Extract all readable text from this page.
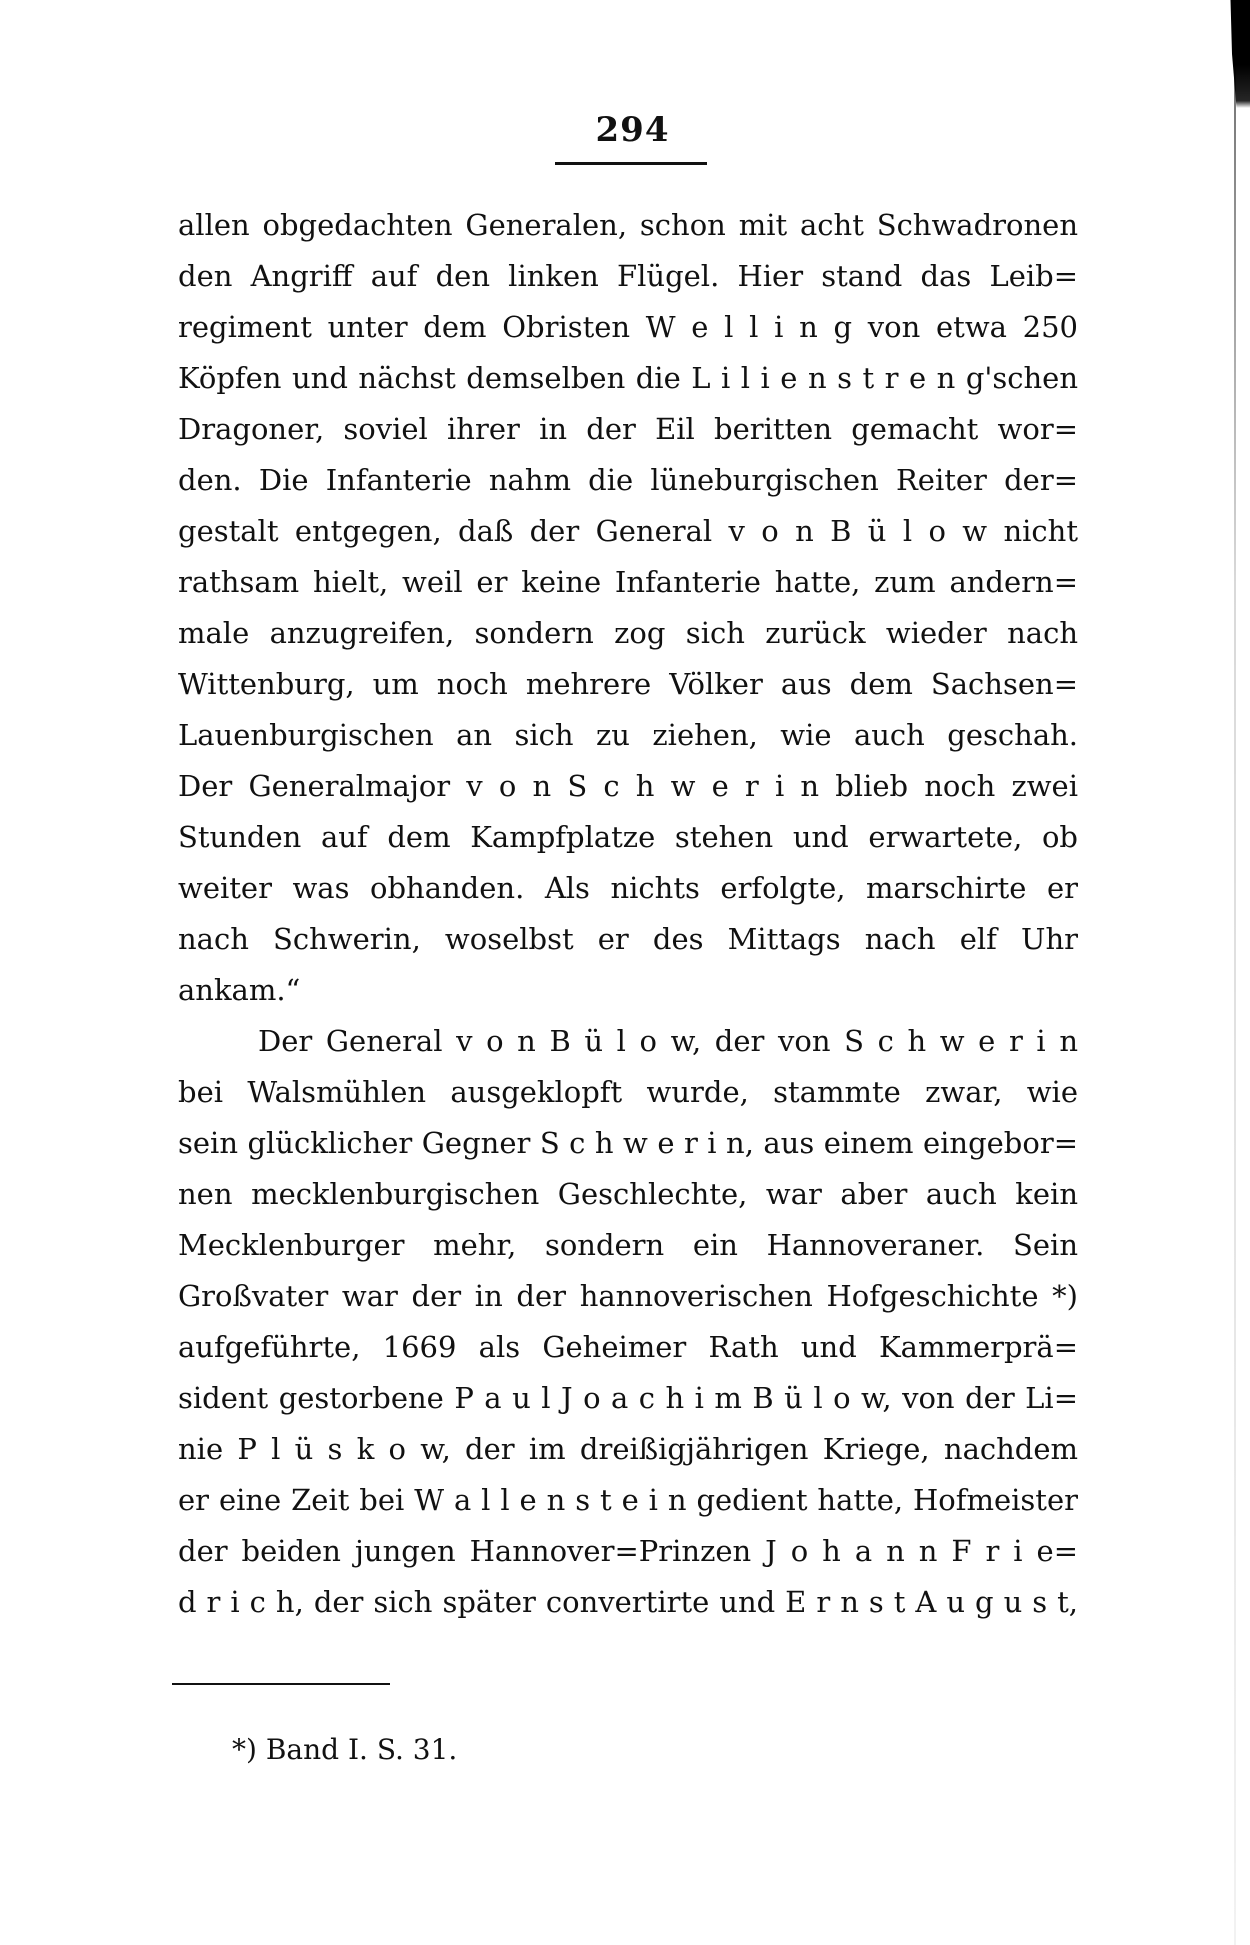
294
allen obgedachten Generalen, schon mit acht Schwadronen
den Angriff auf den linken Flügel. Hier stand das Leib=
regiment unter dem Obristen W e l l i n g von etwa 250
Köpfen und nächst demselben die L i l i e n s t r e n g'schen
Dragoner, soviel ihrer in der Eil beritten gemacht wor=
den. Die Infanterie nahm die lüneburgischen Reiter der=
gestalt entgegen, daß der General v o n B ü l o w nicht
rathsam hielt, weil er keine Infanterie hatte, zum andern=
male anzugreifen, sondern zog sich zurück wieder nach
Wittenburg, um noch mehrere Völker aus dem Sachsen=
Lauenburgischen an sich zu ziehen, wie auch geschah.
Der Generalmajor v o n S c h w e r i n blieb noch zwei
Stunden auf dem Kampfplatze stehen und erwartete, ob
weiter was obhanden. Als nichts erfolgte, marschirte er
nach Schwerin, woselbst er des Mittags nach elf Uhr
ankam.“
Der General v o n B ü l o w, der von S c h w e r i n
bei Walsmühlen ausgeklopft wurde, stammte zwar, wie
sein glücklicher Gegner S c h w e r i n, aus einem eingebor=
nen mecklenburgischen Geschlechte, war aber auch kein
Mecklenburger mehr, sondern ein Hannoveraner. Sein
Großvater war der in der hannoverischen Hofgeschichte *)
aufgeführte, 1669 als Geheimer Rath und Kammerprä=
sident gestorbene P a u l J o a c h i m B ü l o w, von der Li=
nie P l ü s k o w, der im dreißigjährigen Kriege, nachdem
er eine Zeit bei W a l l e n s t e i n gedient hatte, Hofmeister
der beiden jungen Hannover=Prinzen J o h a n n F r i e=
d r i c h, der sich später convertirte und E r n s t A u g u s t,
*) Band I. S. 31.
